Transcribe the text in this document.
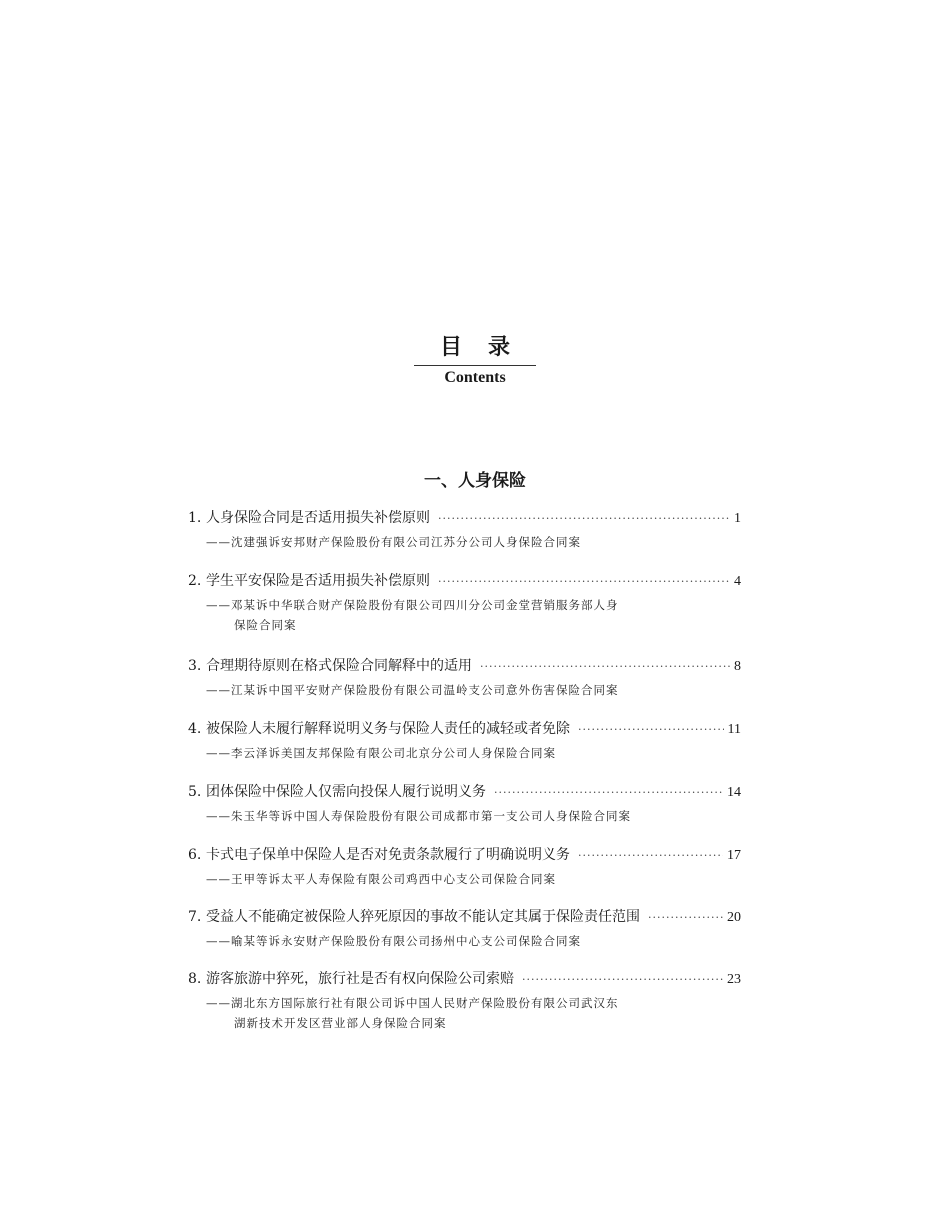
目录
Contents
一、人身保险
1. 人身保险合同是否适用损失补偿原则 ·····	1
——沈建强诉安邦财产保险股份有限公司江苏分公司人身保险合同案
2. 学生平安保险是否适用损失补偿原则 ·····	4
——邓某诉中华联合财产保险股份有限公司四川分公司金堂营销服务部人身
保险合同案
3. 合理期待原则在格式保险合同解释中的适用 ·····	8
——江某诉中国平安财产保险股份有限公司温岭支公司意外伤害保险合同案
4. 被保险人未履行解释说明义务与保险人责任的减轻或者免除 ·····	11
——李云泽诉美国友邦保险有限公司北京分公司人身保险合同案
5. 团体保险中保险人仅需向投保人履行说明义务 ·····	14
——朱玉华等诉中国人寿保险股份有限公司成都市第一支公司人身保险合同案
6. 卡式电子保单中保险人是否对免责条款履行了明确说明义务 ·····	17
——王甲等诉太平人寿保险有限公司鸡西中心支公司保险合同案
7. 受益人不能确定被保险人猝死原因的事故不能认定其属于保险责任范围 ·····	20
——喻某等诉永安财产保险股份有限公司扬州中心支公司保险合同案
8. 游客旅游中猝死，旅行社是否有权向保险公司索赔 ·····	23
——湖北东方国际旅行社有限公司诉中国人民财产保险股份有限公司武汉东
湖新技术开发区营业部人身保险合同案
